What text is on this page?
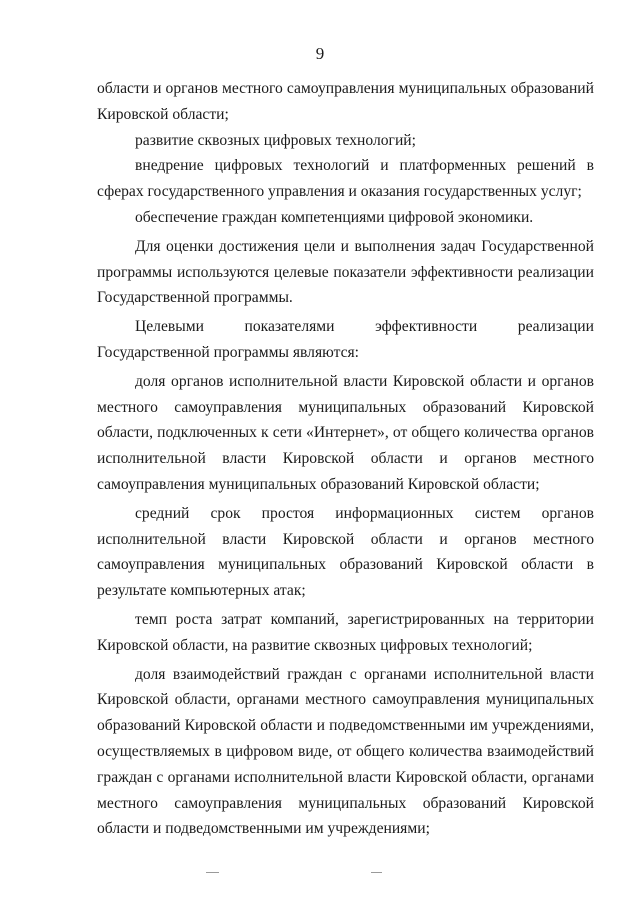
9

области и органов местного самоуправления муниципальных образований Кировской области;

развитие сквозных цифровых технологий;

внедрение цифровых технологий и платформенных решений в сферах государственного управления и оказания государственных услуг;

обеспечение граждан компетенциями цифровой экономики.

Для оценки достижения цели и выполнения задач Государственной программы используются целевые показатели эффективности реализации Государственной программы.

Целевыми показателями эффективности реализации Государственной программы являются:

доля органов исполнительной власти Кировской области и органов местного самоуправления муниципальных образований Кировской области, подключенных к сети «Интернет», от общего количества органов исполнительной власти Кировской области и органов местного самоуправления муниципальных образований Кировской области;

средний срок простоя информационных систем органов исполнительной власти Кировской области и органов местного самоуправления муниципальных образований Кировской области в результате компьютерных атак;

темп роста затрат компаний, зарегистрированных на территории Кировской области, на развитие сквозных цифровых технологий;

доля взаимодействий граждан с органами исполнительной власти Кировской области, органами местного самоуправления муниципальных образований Кировской области и подведомственными им учреждениями, осуществляемых в цифровом виде, от общего количества взаимодействий граждан с органами исполнительной власти Кировской области, органами местного самоуправления муниципальных образований Кировской области и подведомственными им учреждениями;
